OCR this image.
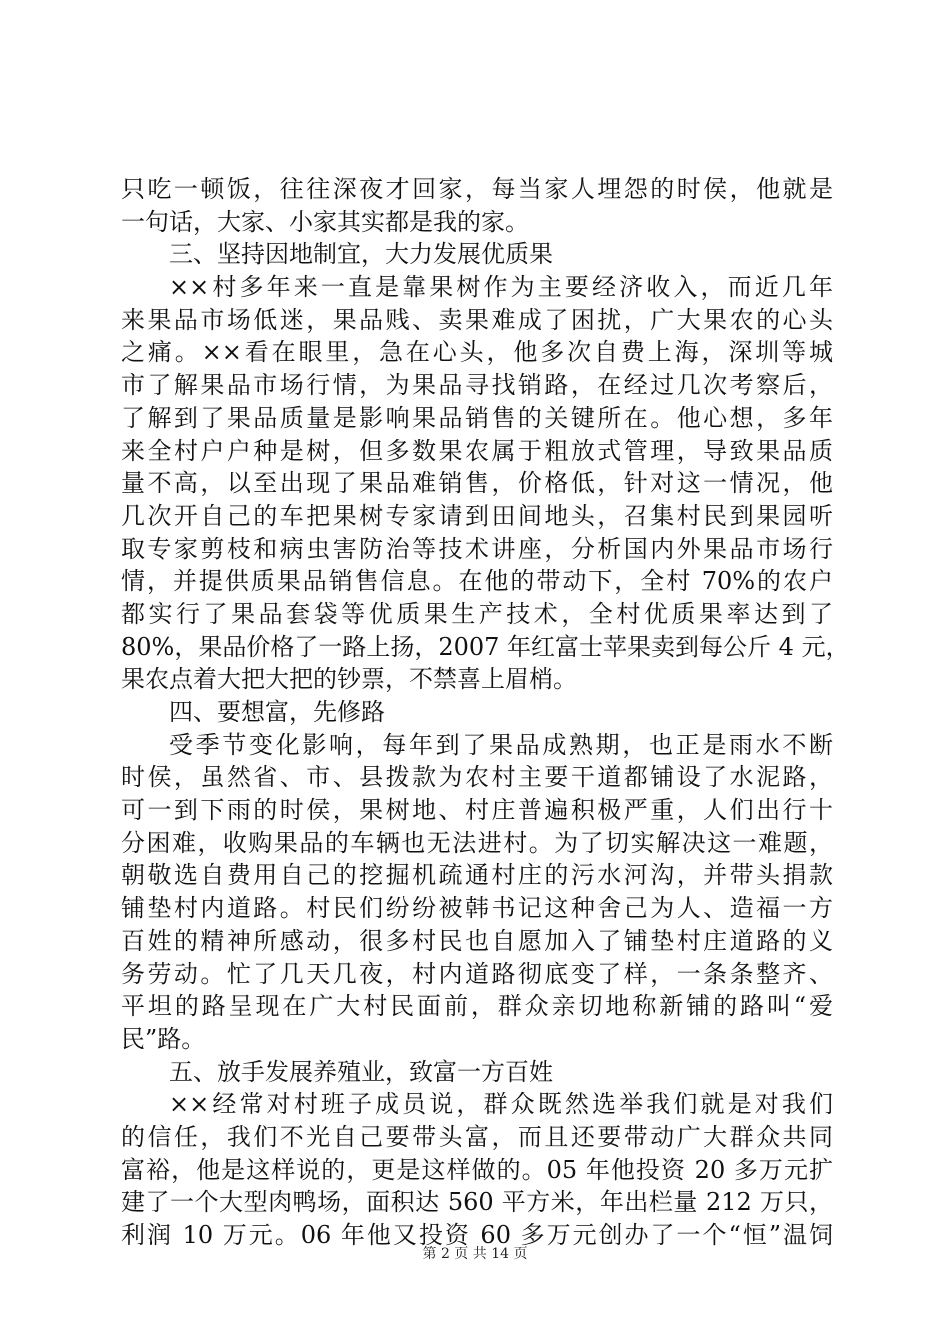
只吃一顿饭，往往深夜才回家，每当家人埋怨的时侯，他就是
一句话，大家、小家其实都是我的家。
三、坚持因地制宜，大力发展优质果
××村多年来一直是靠果树作为主要经济收入，而近几年
来果品市场低迷，果品贱、卖果难成了困扰，广大果农的心头
之痛。××看在眼里，急在心头，他多次自费上海，深圳等城
市了解果品市场行情，为果品寻找销路，在经过几次考察后，
了解到了果品质量是影响果品销售的关键所在。他心想，多年
来全村户户种是树，但多数果农属于粗放式管理，导致果品质
量不高，以至出现了果品难销售，价格低，针对这一情况，他
几次开自己的车把果树专家请到田间地头，召集村民到果园听
取专家剪枝和病虫害防治等技术讲座，分析国内外果品市场行
情，并提供质果品销售信息。在他的带动下，全村 70%的农户
都实行了果品套袋等优质果生产技术，全村优质果率达到了
80%，果品价格了一路上扬，2007 年红富士苹果卖到每公斤 4 元，
果农点着大把大把的钞票，不禁喜上眉梢。
四、要想富，先修路
受季节变化影响，每年到了果品成熟期，也正是雨水不断
时侯，虽然省、市、县拨款为农村主要干道都铺设了水泥路，
可一到下雨的时侯，果树地、村庄普遍积极严重，人们出行十
分困难，收购果品的车辆也无法进村。为了切实解决这一难题，
朝敬选自费用自己的挖掘机疏通村庄的污水河沟，并带头捐款
铺垫村内道路。村民们纷纷被韩书记这种舍己为人、造福一方
百姓的精神所感动，很多村民也自愿加入了铺垫村庄道路的义
务劳动。忙了几天几夜，村内道路彻底变了样，一条条整齐、
平坦的路呈现在广大村民面前，群众亲切地称新铺的路叫“爱
民”路。
五、放手发展养殖业，致富一方百姓
××经常对村班子成员说，群众既然选举我们就是对我们
的信任，我们不光自己要带头富，而且还要带动广大群众共同
富裕，他是这样说的，更是这样做的。05 年他投资 20 多万元扩
建了一个大型肉鸭场，面积达 560 平方米，年出栏量 212 万只，
利润 10 万元。06 年他又投资 60 多万元创办了一个“恒”温饲
第 2 页 共 14 页
